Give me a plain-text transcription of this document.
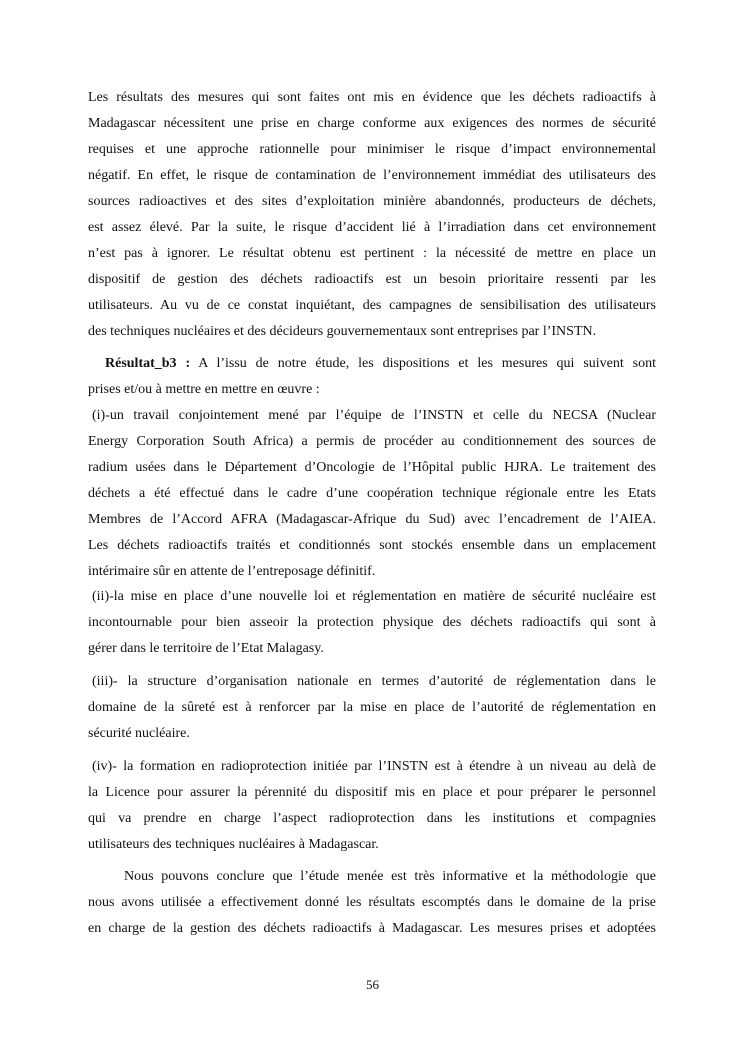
Les résultats des mesures qui sont faites ont mis en évidence que les déchets radioactifs à
Madagascar nécessitent une prise en charge conforme aux exigences des normes de sécurité
requises et une approche rationnelle pour minimiser le risque d’impact environnemental
négatif. En effet, le risque de contamination de l’environnement immédiat des utilisateurs des
sources radioactives et des sites d’exploitation minière abandonnés, producteurs de déchets,
est assez élevé. Par la suite, le risque d’accident lié à l’irradiation dans cet environnement
n’est pas à ignorer. Le résultat obtenu est pertinent : la nécessité de mettre en place un
dispositif de gestion des déchets radioactifs est un besoin prioritaire ressenti par les
utilisateurs. Au vu de ce constat inquiétant, des campagnes de sensibilisation des utilisateurs
des techniques nucléaires et des décideurs gouvernementaux sont entreprises par l’INSTN.
Résultat_b3 : A l’issu de notre étude, les dispositions et les mesures qui suivent sont
prises et/ou à mettre en mettre en œuvre :
(i)-un travail conjointement mené par l’équipe de l’INSTN et celle du NECSA (Nuclear
Energy Corporation South Africa) a permis de procéder au conditionnement des sources de
radium usées dans le Département d’Oncologie de l’Hôpital public HJRA. Le traitement des
déchets a été effectué dans le cadre d’une coopération technique régionale entre les Etats
Membres de l’Accord AFRA (Madagascar-Afrique du Sud) avec l’encadrement de l’AIEA.
Les déchets radioactifs traités et conditionnés sont stockés ensemble dans un emplacement
intérimaire sûr en attente de l’entreposage définitif.
(ii)-la mise en place d’une nouvelle loi et réglementation en matière de sécurité nucléaire est
incontournable pour bien asseoir la protection physique des déchets radioactifs qui sont à
gérer dans le territoire de l’Etat Malagasy.
(iii)- la structure d’organisation nationale en termes d’autorité de réglementation dans le
domaine de la sûreté est à renforcer par la mise en place de l’autorité de réglementation en
sécurité nucléaire.
(iv)- la formation en radioprotection initiée par l’INSTN est à étendre à un niveau au delà de
la Licence pour assurer la pérennité du dispositif mis en place et pour préparer le personnel
qui va prendre en charge l’aspect radioprotection dans les institutions et compagnies
utilisateurs des techniques nucléaires à Madagascar.
Nous pouvons conclure que l’étude menée est très informative et la méthodologie que
nous avons utilisée a effectivement donné les résultats escomptés dans le domaine de la prise
en charge de la gestion des déchets radioactifs à Madagascar. Les mesures prises et adoptées
56
